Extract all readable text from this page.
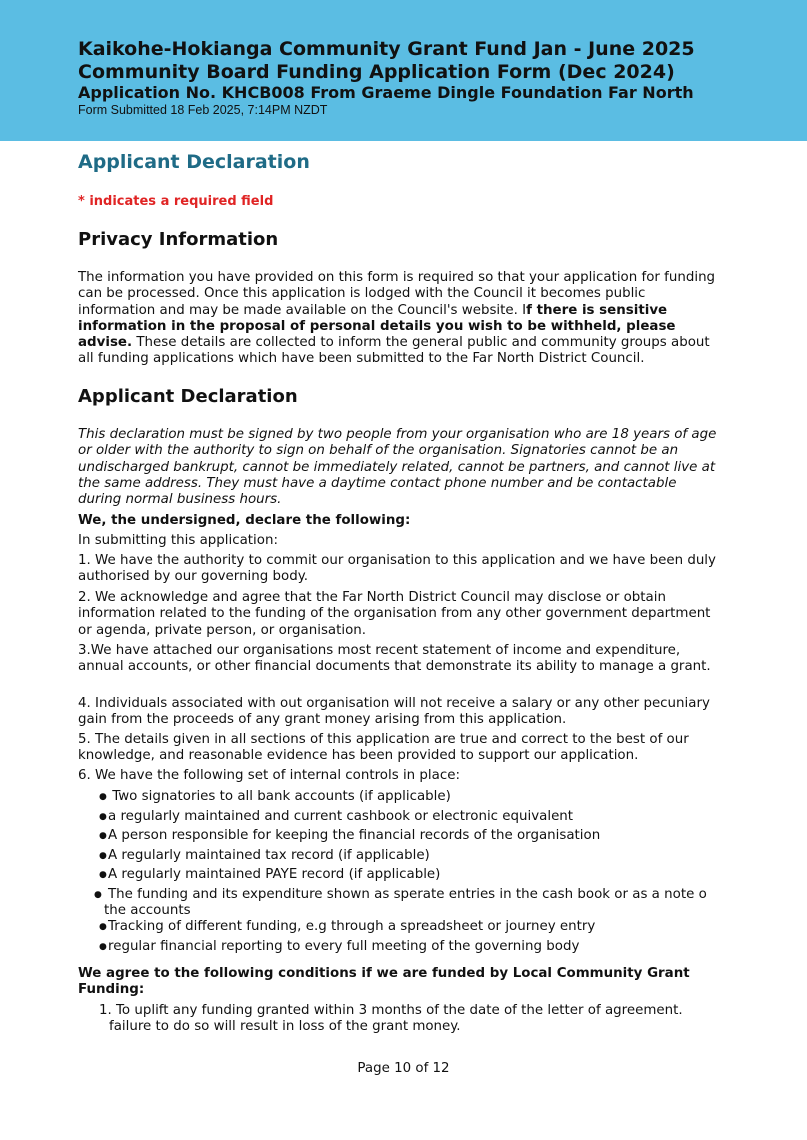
Kaikohe-Hokianga Community Grant Fund Jan - June 2025
Community Board Funding Application Form (Dec 2024)
Application No. KHCB008 From Graeme Dingle Foundation Far North
Form Submitted 18 Feb 2025, 7:14PM NZDT
Applicant Declaration
* indicates a required field
Privacy Information
The information you have provided on this form is required so that your application for funding can be processed. Once this application is lodged with the Council it becomes public information and may be made available on the Council's website. If there is sensitive information in the proposal of personal details you wish to be withheld, please advise. These details are collected to inform the general public and community groups about all funding applications which have been submitted to the Far North District Council.
Applicant Declaration
This declaration must be signed by two people from your organisation who are 18 years of age or older with the authority to sign on behalf of the organisation. Signatories cannot be an undischarged bankrupt, cannot be immediately related, cannot be partners, and cannot live at the same address. They must have a daytime contact phone number and be contactable during normal business hours.
We, the undersigned, declare the following:
In submitting this application:
1. We have the authority to commit our organisation to this application and we have been duly authorised by our governing body.
2. We acknowledge and agree that the Far North District Council may disclose or obtain information related to the funding of the organisation from any other government department or agenda, private person, or organisation.
3.We have attached our organisations most recent statement of income and expenditure, annual accounts, or other financial documents that demonstrate its ability to manage a grant.
4. Individuals associated with out organisation will not receive a salary or any other pecuniary gain from the proceeds of any grant money arising from this application.
5. The details given in all sections of this application are true and correct to the best of our knowledge, and reasonable evidence has been provided to support our application.
6. We have the following set of internal controls in place:
● Two signatories to all bank accounts (if applicable)
●a regularly maintained and current cashbook or electronic equivalent
●A person responsible for keeping the financial records of the organisation
●A regularly maintained tax record (if applicable)
●A regularly maintained PAYE record (if applicable)
● The funding and its expenditure shown as sperate entries in the cash book or as a note o the accounts
●Tracking of different funding, e.g through a spreadsheet or journey entry
●regular financial reporting to every full meeting of the governing body
We agree to the following conditions if we are funded by Local Community Grant Funding:
1. To uplift any funding granted within 3 months of the date of the letter of agreement. failure to do so will result in loss of the grant money.
Page 10 of 12
